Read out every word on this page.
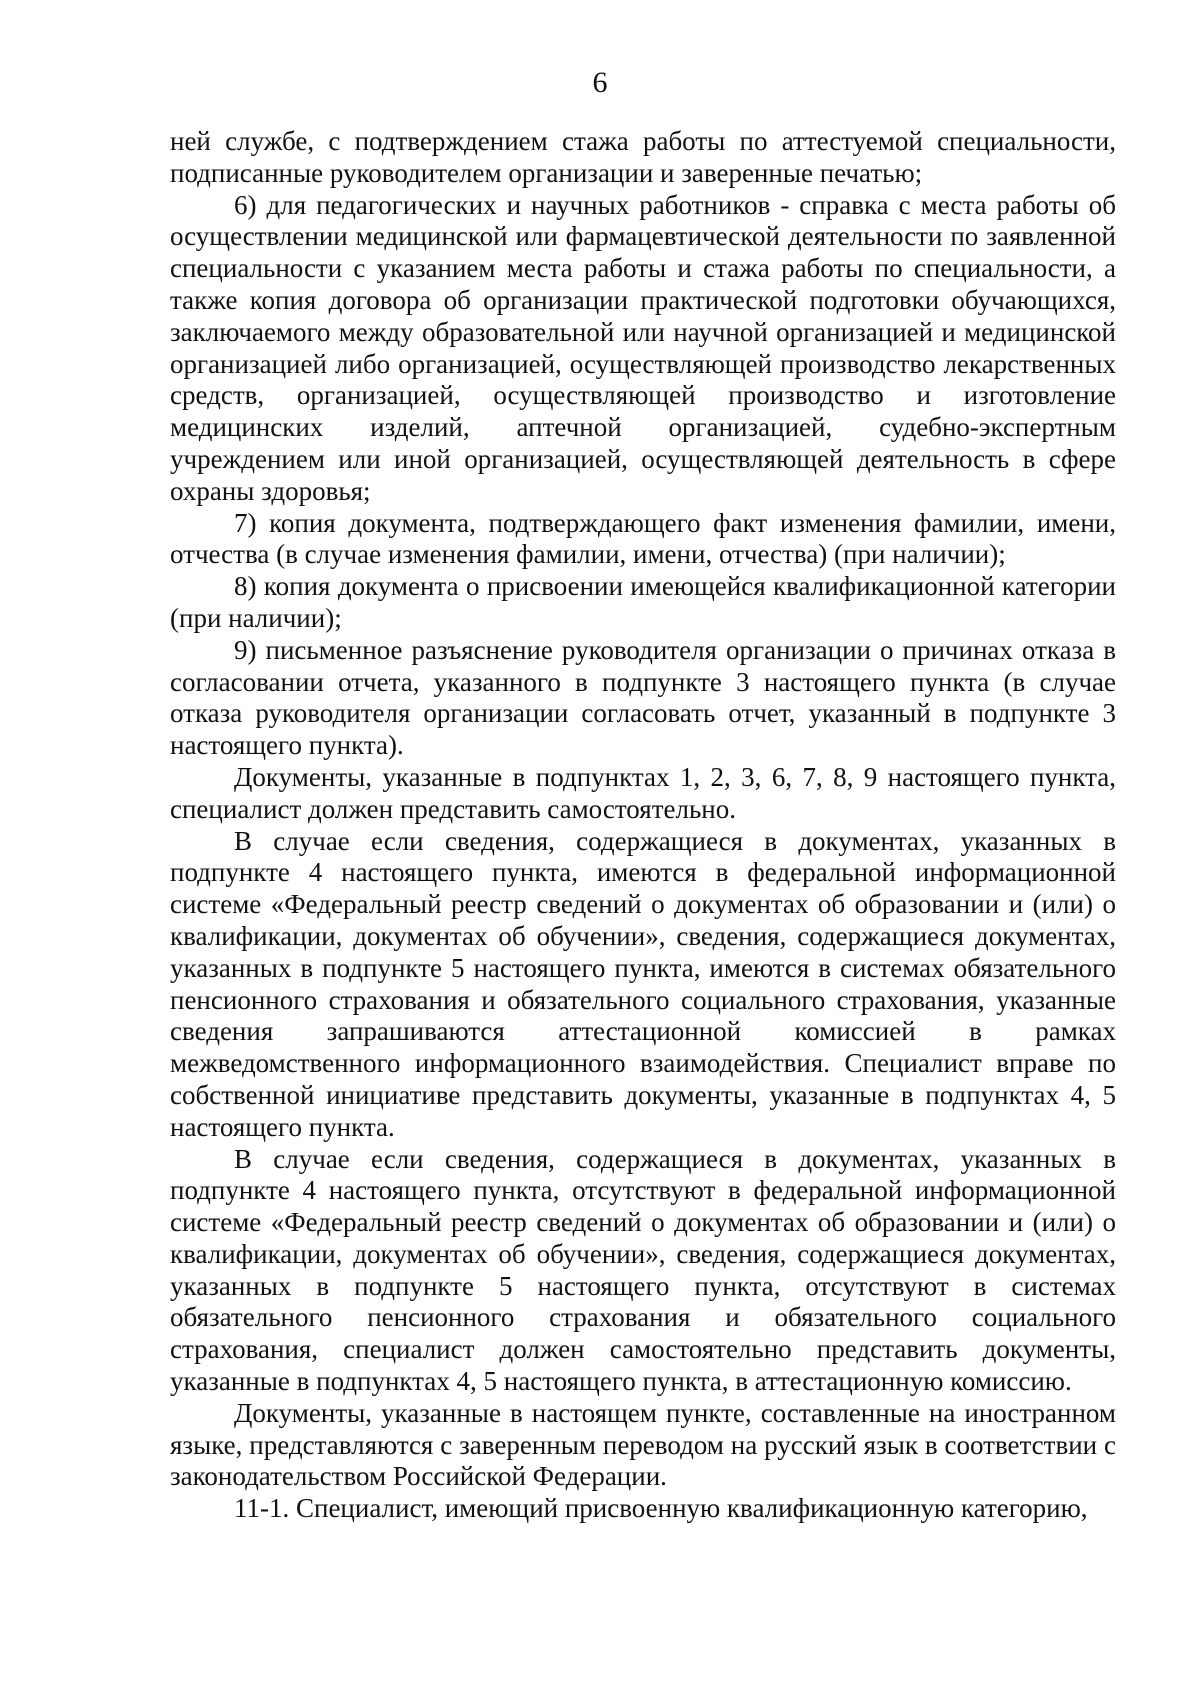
6

ней службе, с подтверждением стажа работы по аттестуемой специальности, подписанные руководителем организации и заверенные печатью;

6) для педагогических и научных работников - справка с места работы об осуществлении медицинской или фармацевтической деятельности по заявленной специальности с указанием места работы и стажа работы по специальности, а также копия договора об организации практической подготовки обучающихся, заключаемого между образовательной или научной организацией и медицинской организацией либо организацией, осуществляющей производство лекарственных средств, организацией, осуществляющей производство и изготовление медицинских изделий, аптечной организацией, судебно-экспертным учреждением или иной организацией, осуществляющей деятельность в сфере охраны здоровья;

7) копия документа, подтверждающего факт изменения фамилии, имени, отчества (в случае изменения фамилии, имени, отчества) (при наличии);

8) копия документа о присвоении имеющейся квалификационной категории (при наличии);

9) письменное разъяснение руководителя организации о причинах отказа в согласовании отчета, указанного в подпункте 3 настоящего пункта (в случае отказа руководителя организации согласовать отчет, указанный в подпункте 3 настоящего пункта).

Документы, указанные в подпунктах 1, 2, 3, 6, 7, 8, 9 настоящего пункта, специалист должен представить самостоятельно.

В случае если сведения, содержащиеся в документах, указанных в подпункте 4 настоящего пункта, имеются в федеральной информационной системе «Федеральный реестр сведений о документах об образовании и (или) о квалификации, документах об обучении», сведения, содержащиеся документах, указанных в подпункте 5 настоящего пункта, имеются в системах обязательного пенсионного страхования и обязательного социального страхования, указанные сведения запрашиваются аттестационной комиссией в рамках межведомственного информационного взаимодействия. Специалист вправе по собственной инициативе представить документы, указанные в подпунктах 4, 5 настоящего пункта.

В случае если сведения, содержащиеся в документах, указанных в подпункте 4 настоящего пункта, отсутствуют в федеральной информационной системе «Федеральный реестр сведений о документах об образовании и (или) о квалификации, документах об обучении», сведения, содержащиеся документах, указанных в подпункте 5 настоящего пункта, отсутствуют в системах обязательного пенсионного страхования и обязательного социального страхования, специалист должен самостоятельно представить документы, указанные в подпунктах 4, 5 настоящего пункта, в аттестационную комиссию.

Документы, указанные в настоящем пункте, составленные на иностранном языке, представляются с заверенным переводом на русский язык в соответствии с законодательством Российской Федерации.

11-1. Специалист, имеющий присвоенную квалификационную категорию,
